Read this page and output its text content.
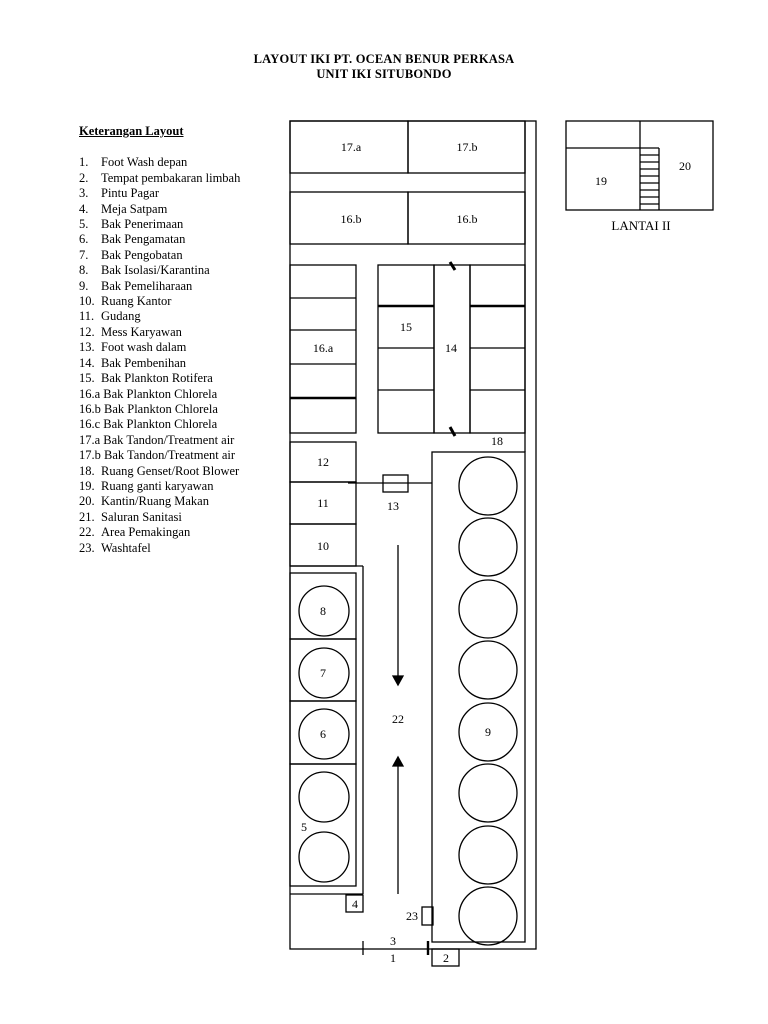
LAYOUT IKI PT. OCEAN BENUR PERKASA
UNIT IKI SITUBONDO
Keterangan Layout
1. Foot Wash depan
2. Tempat pembakaran limbah
3. Pintu Pagar
4. Meja Satpam
5. Bak Penerimaan
6. Bak Pengamatan
7. Bak Pengobatan
8. Bak Isolasi/Karantina
9. Bak Pemeliharaan
10. Ruang Kantor
11. Gudang
12. Mess Karyawan
13. Foot wash dalam
14. Bak Pembenihan
15. Bak Plankton Rotifera
16.a Bak Plankton Chlorela
16.b Bak Plankton Chlorela
16.c Bak Plankton Chlorela
17.a Bak Tandon/Treatment air
17.b Bak Tandon/Treatment air
18. Ruang Genset/Root Blower
19. Ruang ganti karyawan
20. Kantin/Ruang Makan
21. Saluran Sanitasi
22. Area Pemakingan
23. Washtafel
17.a	17.b
16.b	16.b
16.a
15
14
12
11
10
13
18
9
8
7
6
5
22
4
23
3
1	2
19
20
LANTAI II
